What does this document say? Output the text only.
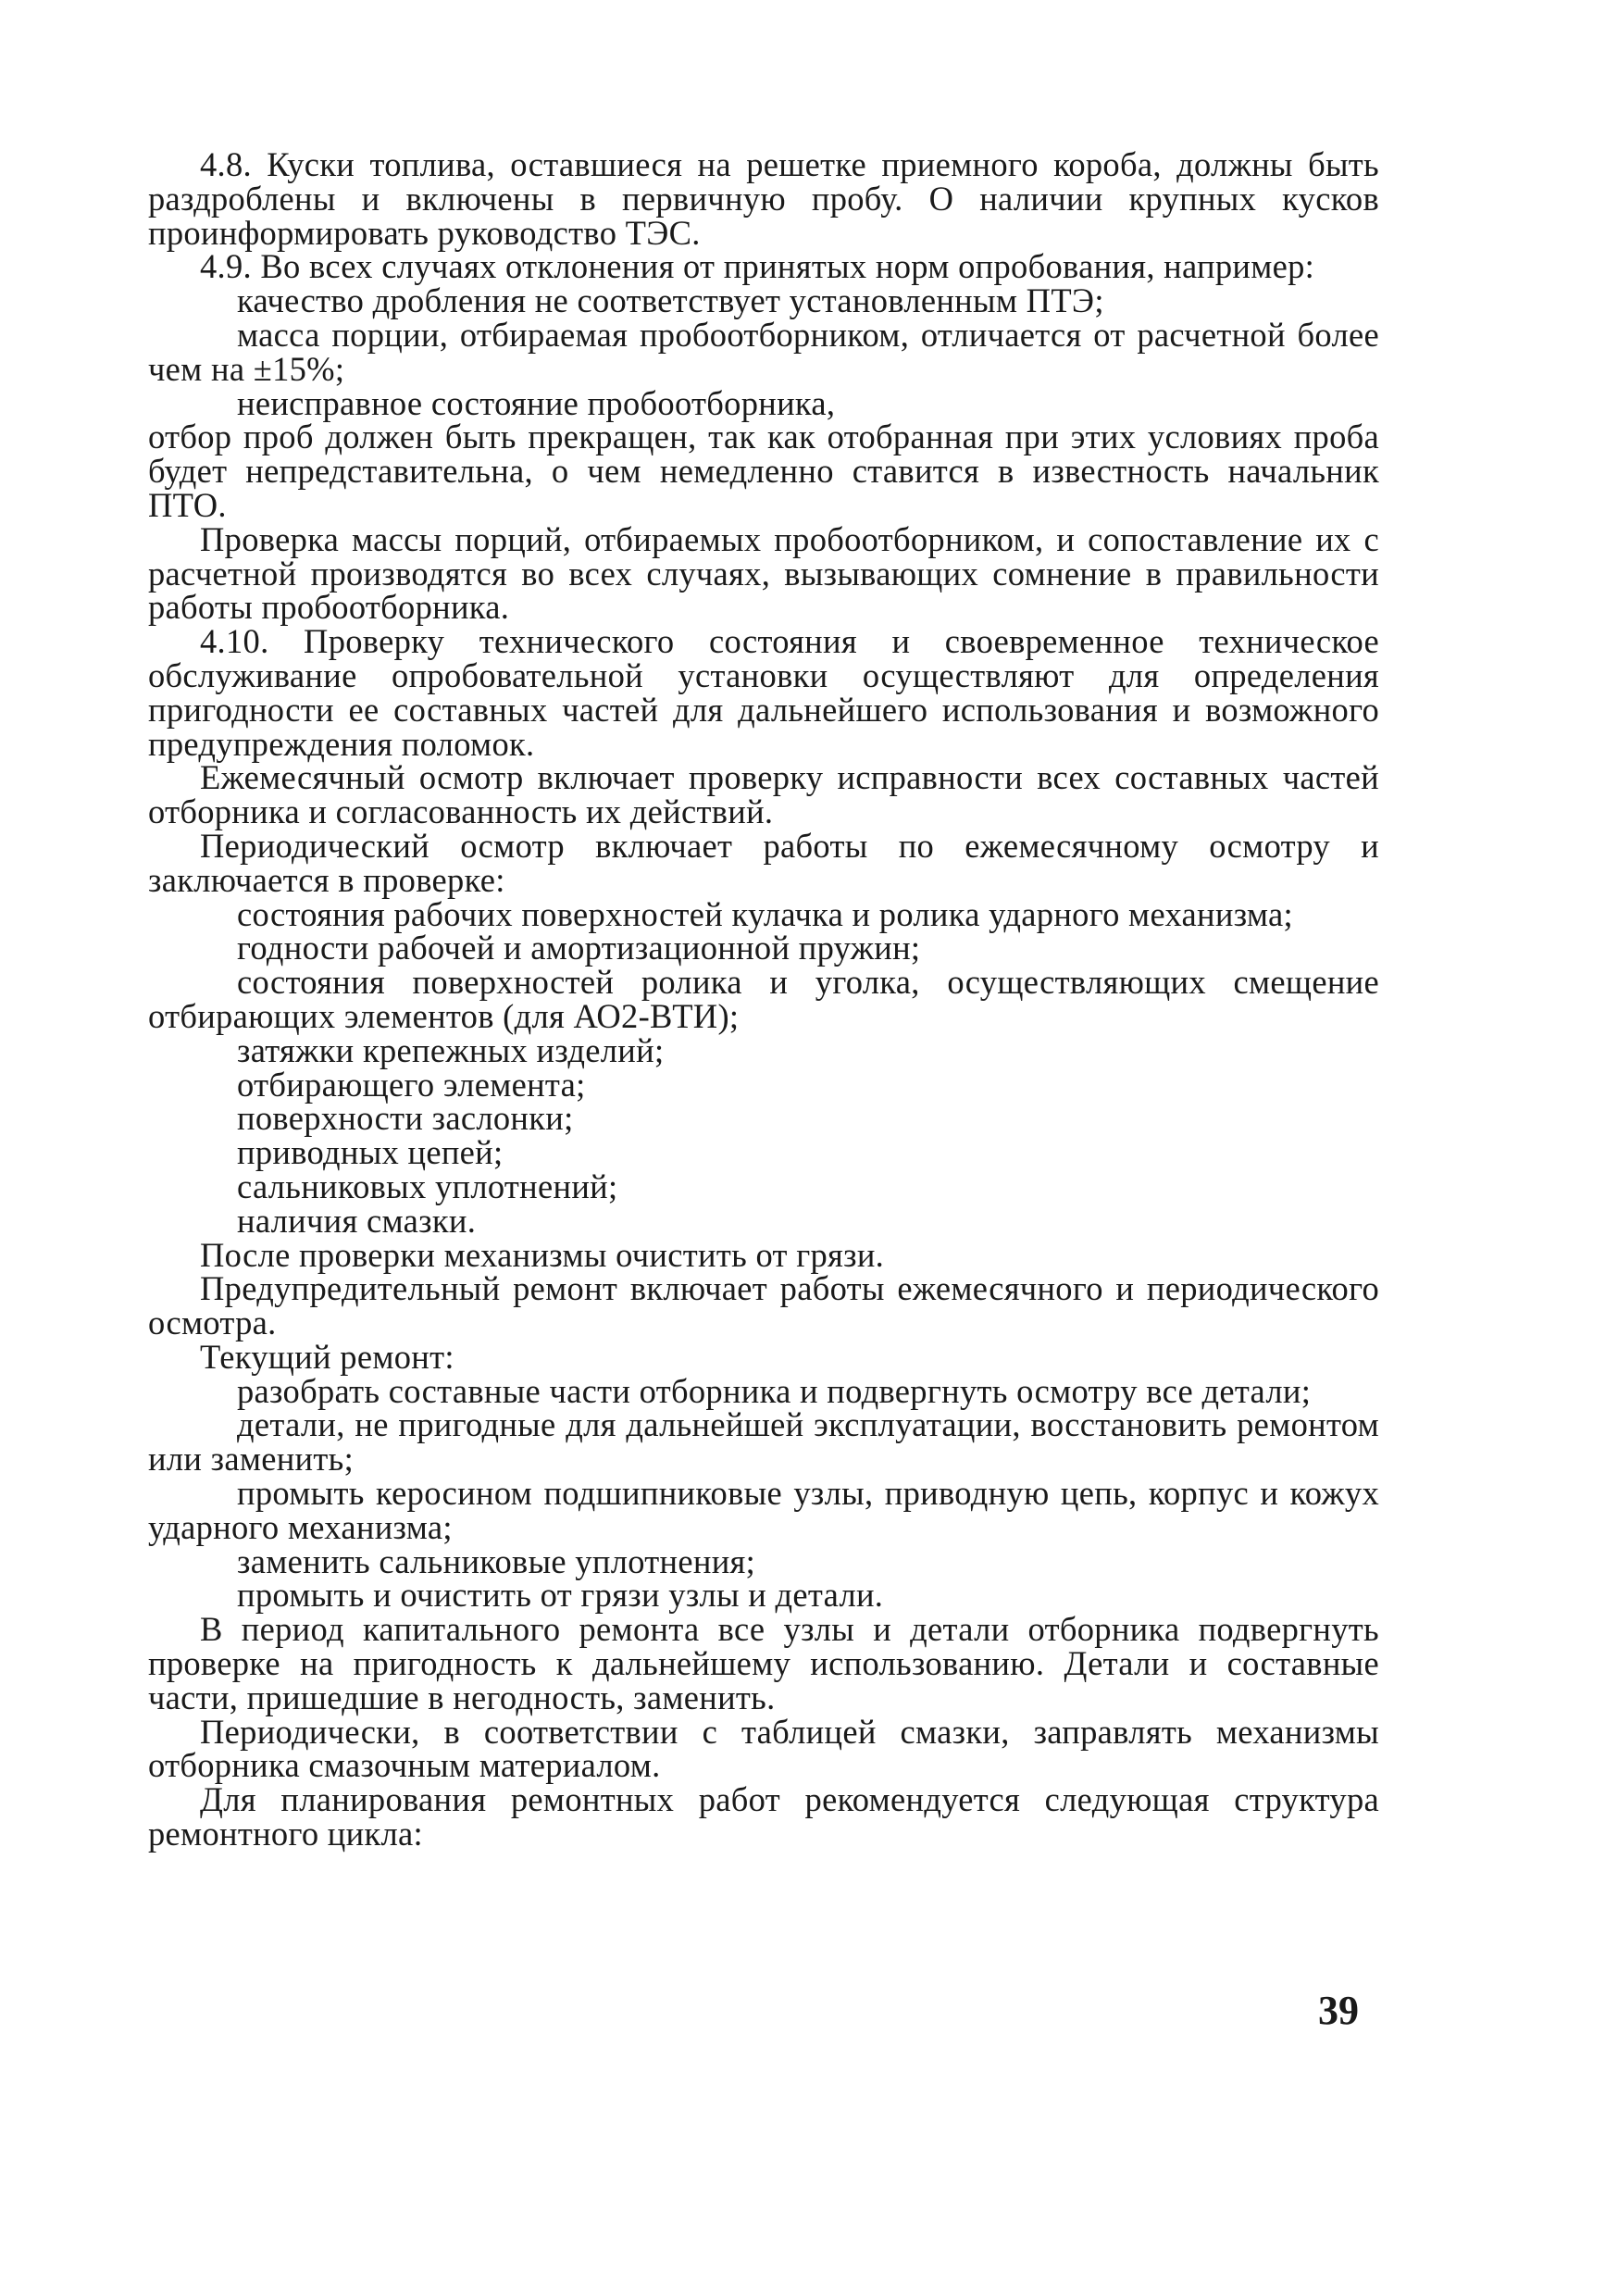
4.8. Куски топлива, оставшиеся на решетке приемного короба, должны быть раздроблены и включены в первичную пробу. О наличии крупных кусков проинформировать руководство ТЭС.

4.9. Во всех случаях отклонения от принятых норм опробования, например:

качество дробления не соответствует установленным ПТЭ;

масса порции, отбираемая пробоотборником, отличается от расчетной более чем на ±15%;

неисправное состояние пробоотборника,

отбор проб должен быть прекращен, так как отобранная при этих условиях проба будет непредставительна, о чем немедленно ставится в известность начальник ПТО.

Проверка массы порций, отбираемых пробоотборником, и сопоставление их с расчетной производятся во всех случаях, вызывающих сомнение в правильности работы пробоотборника.

4.10. Проверку технического состояния и своевременное техническое обслуживание опробовательной установки осуществляют для определения пригодности ее составных частей для дальнейшего использования и возможного предупреждения поломок.

Ежемесячный осмотр включает проверку исправности всех составных частей отборника и согласованность их действий.

Периодический осмотр включает работы по ежемесячному осмотру и заключается в проверке:

состояния рабочих поверхностей кулачка и ролика ударного механизма;

годности рабочей и амортизационной пружин;

состояния поверхностей ролика и уголка, осуществляющих смещение отбирающих элементов (для АО2-ВТИ);

затяжки крепежных изделий;

отбирающего элемента;

поверхности заслонки;

приводных цепей;

сальниковых уплотнений;

наличия смазки.

После проверки механизмы очистить от грязи.

Предупредительный ремонт включает работы ежемесячного и периодического осмотра.

Текущий ремонт:

разобрать составные части отборника и подвергнуть осмотру все детали;

детали, не пригодные для дальнейшей эксплуатации, восстановить ремонтом или заменить;

промыть керосином подшипниковые узлы, приводную цепь, корпус и кожух ударного механизма;

заменить сальниковые уплотнения;

промыть и очистить от грязи узлы и детали.

В период капитального ремонта все узлы и детали отборника подвергнуть проверке на пригодность к дальнейшему использованию. Детали и составные части, пришедшие в негодность, заменить.

Периодически, в соответствии с таблицей смазки, заправлять механизмы отборника смазочным материалом.

Для планирования ремонтных работ рекомендуется следующая структура ремонтного цикла:

39
